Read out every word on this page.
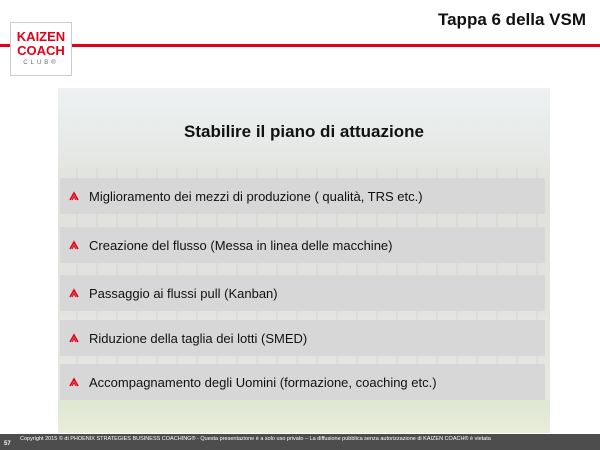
Tappa 6 della VSM
KAIZEN
COACH
CLUB®
Stabilire il piano di attuazione
Miglioramento dei mezzi di produzione ( qualità, TRS etc.)
Creazione del flusso (Messa in linea delle macchine)
Passaggio ai flussi pull (Kanban)
Riduzione della taglia dei lotti (SMED)
Accompagnamento degli Uomini (formazione, coaching etc.)
57
Copyright 2015 © di PHOENIX STRATEGIES BUSINESS COACHING® - Questa presentazione è a solo uso privato – La diffusione pubblica senza autorizzazione di KAIZEN COACH® è vietata
